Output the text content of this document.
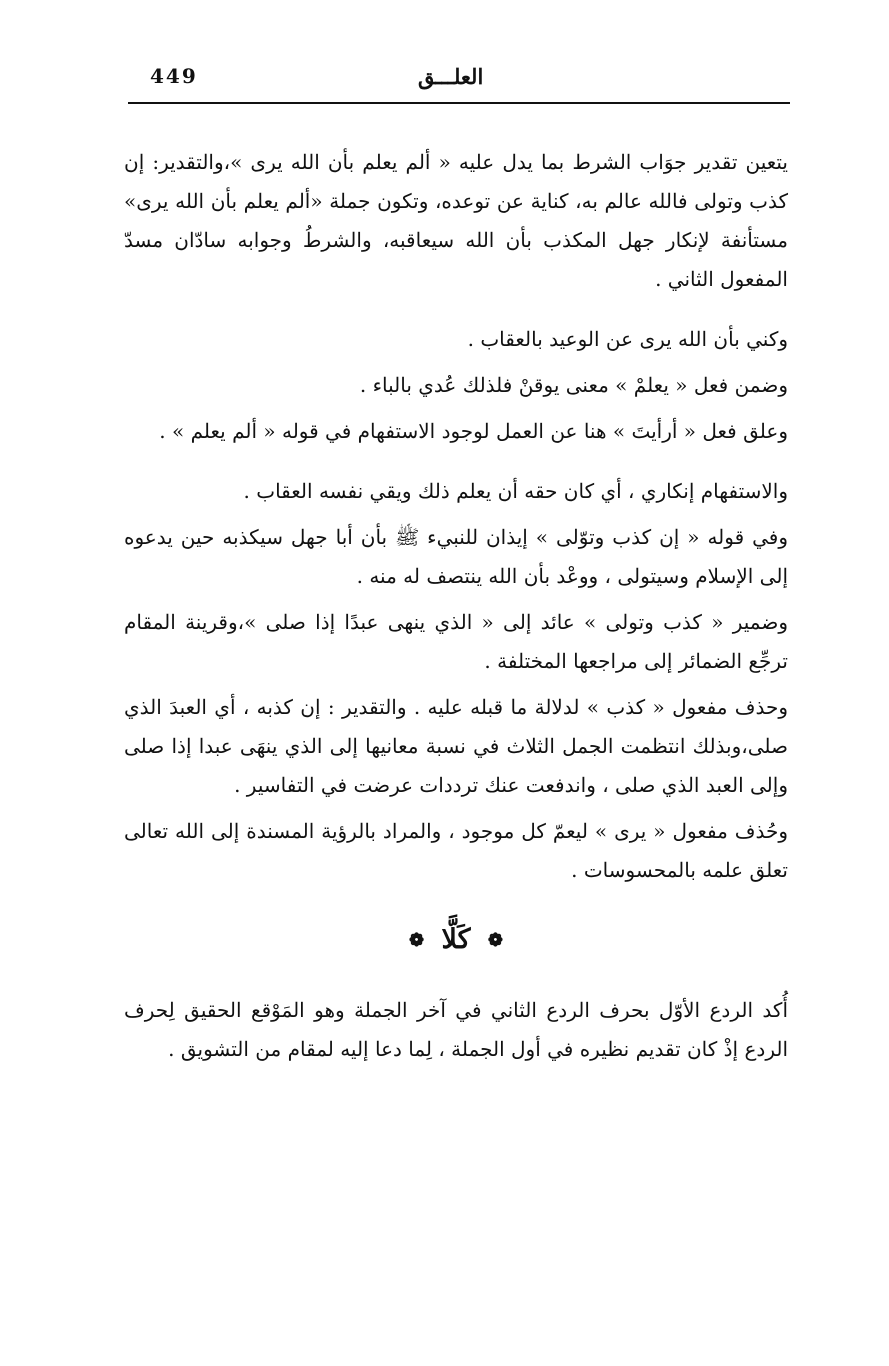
449	العلـــق

يتعين تقدير جوَاب الشرط بما يدل عليه « ألم يعلم بأن الله يرى »،والتقدير: إن كذب وتولى فالله عالم به، كناية عن توعده، وتكون جملة «ألم يعلم بأن الله يرى» مستأنفة لإنكار جهل المكذب بأن الله سيعاقبه، والشرطُ وجوابه سادّان مسدّ المفعول الثاني .

وكني بأن الله يرى عن الوعيد بالعقاب .

وضمن فعل « يعلمْ » معنى يوقنْ فلذلك عُدي بالباء .

وعلق فعل « أرأيتَ » هنا عن العمل لوجود الاستفهام في قوله « ألم يعلم » .

والاستفهام إنكاري ، أي كان حقه أن يعلم ذلك ويقي نفسه العقاب .

وفي قوله « إن كذب وتوّلى » إيذان للنبيء ﷺ بأن أبا جهل سيكذبه حين يدعوه إلى الإسلام وسيتولى ، ووعْد بأن الله ينتصف له منه .

وضمير « كذب وتولى » عائد إلى « الذي ينهى عبدًا إذا صلى »،وقرينة المقام ترجِّع الضمائر إلى مراجعها المختلفة .

وحذف مفعول « كذب » لدلالة ما قبله عليه . والتقدير : إن كذبه ، أي العبدَ الذي صلى،وبذلك انتظمت الجمل الثلاث في نسبة معانيها إلى الذي ينهَى عبدا إذا صلى وإلى العبد الذي صلى ، واندفعت عنك ترددات عرضت في التفاسير .

وحُذف مفعول « يرى » ليعمّ كل موجود ، والمراد بالرؤية المسندة إلى الله تعالى تعلق علمه بالمحسوسات .

❁ كَلَّا ❁

أُكد الردع الأوّل بحرف الردع الثاني في آخر الجملة وهو المَوْقع الحقيق لِحرف الردع إذْ كان تقديم نظيره في أول الجملة ، لِما دعا إليه لمقام من التشويق .
